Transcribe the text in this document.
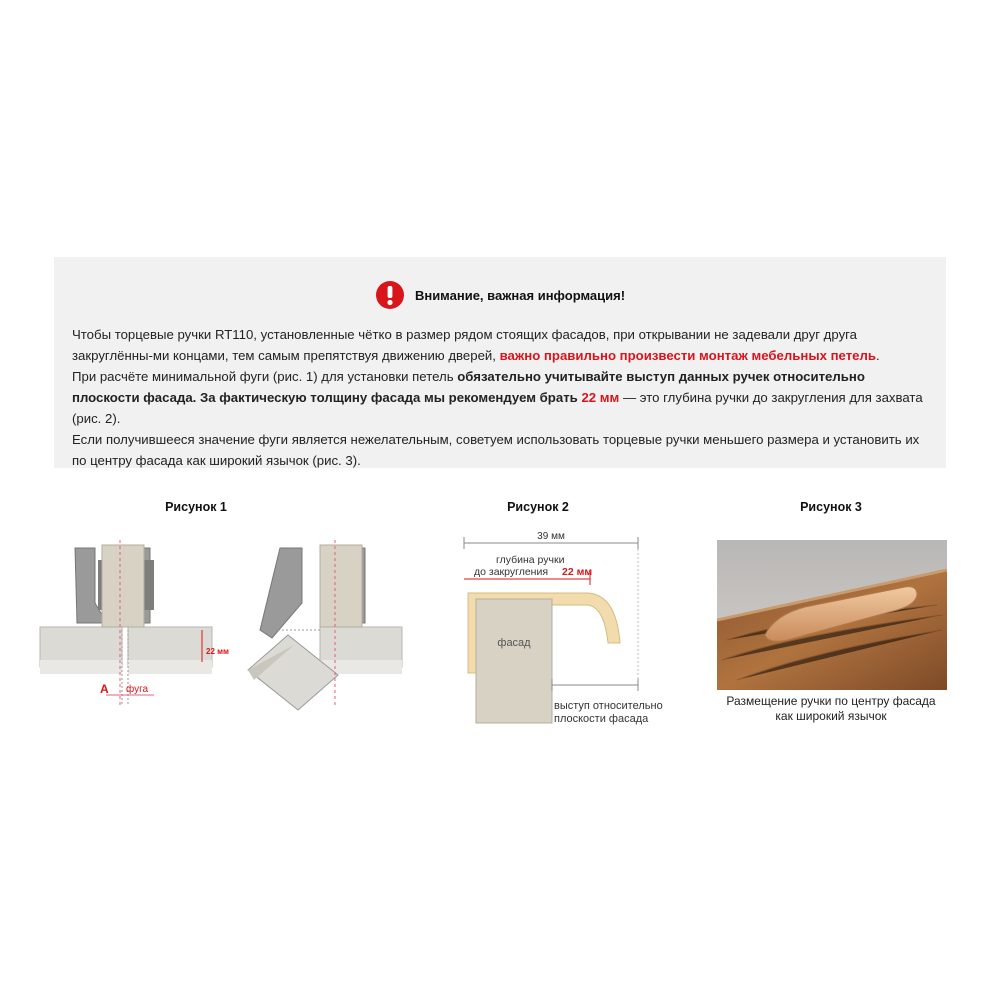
Внимание, важная информация!

Чтобы торцевые ручки RT110, установленные чётко в размер рядом стоящих фасадов, при открывании не задевали друг друга закруглённы-ми концами, тем самым препятствуя движению дверей, важно правильно произвести монтаж мебельных петель.

При расчёте минимальной фуги (рис. 1) для установки петель обязательно учитывайте выступ данных ручек относительно плоскости фасада. За фактическую толщину фасада мы рекомендуем брать 22 мм — это глубина ручки до закругления для захвата (рис. 2).

Если получившееся значение фуги является нежелательным, советуем использовать торцевые ручки меньшего размера и установить их по центру фасада как широкий язычок (рис. 3).

Рисунок 1	Рисунок 2	Рисунок 3
А фуга
22 мм
39 мм
глубина ручки
до закругления 22 мм
фасад
выступ относительно
плоскости фасада
Размещение ручки по центру фасада
как широкий язычок
